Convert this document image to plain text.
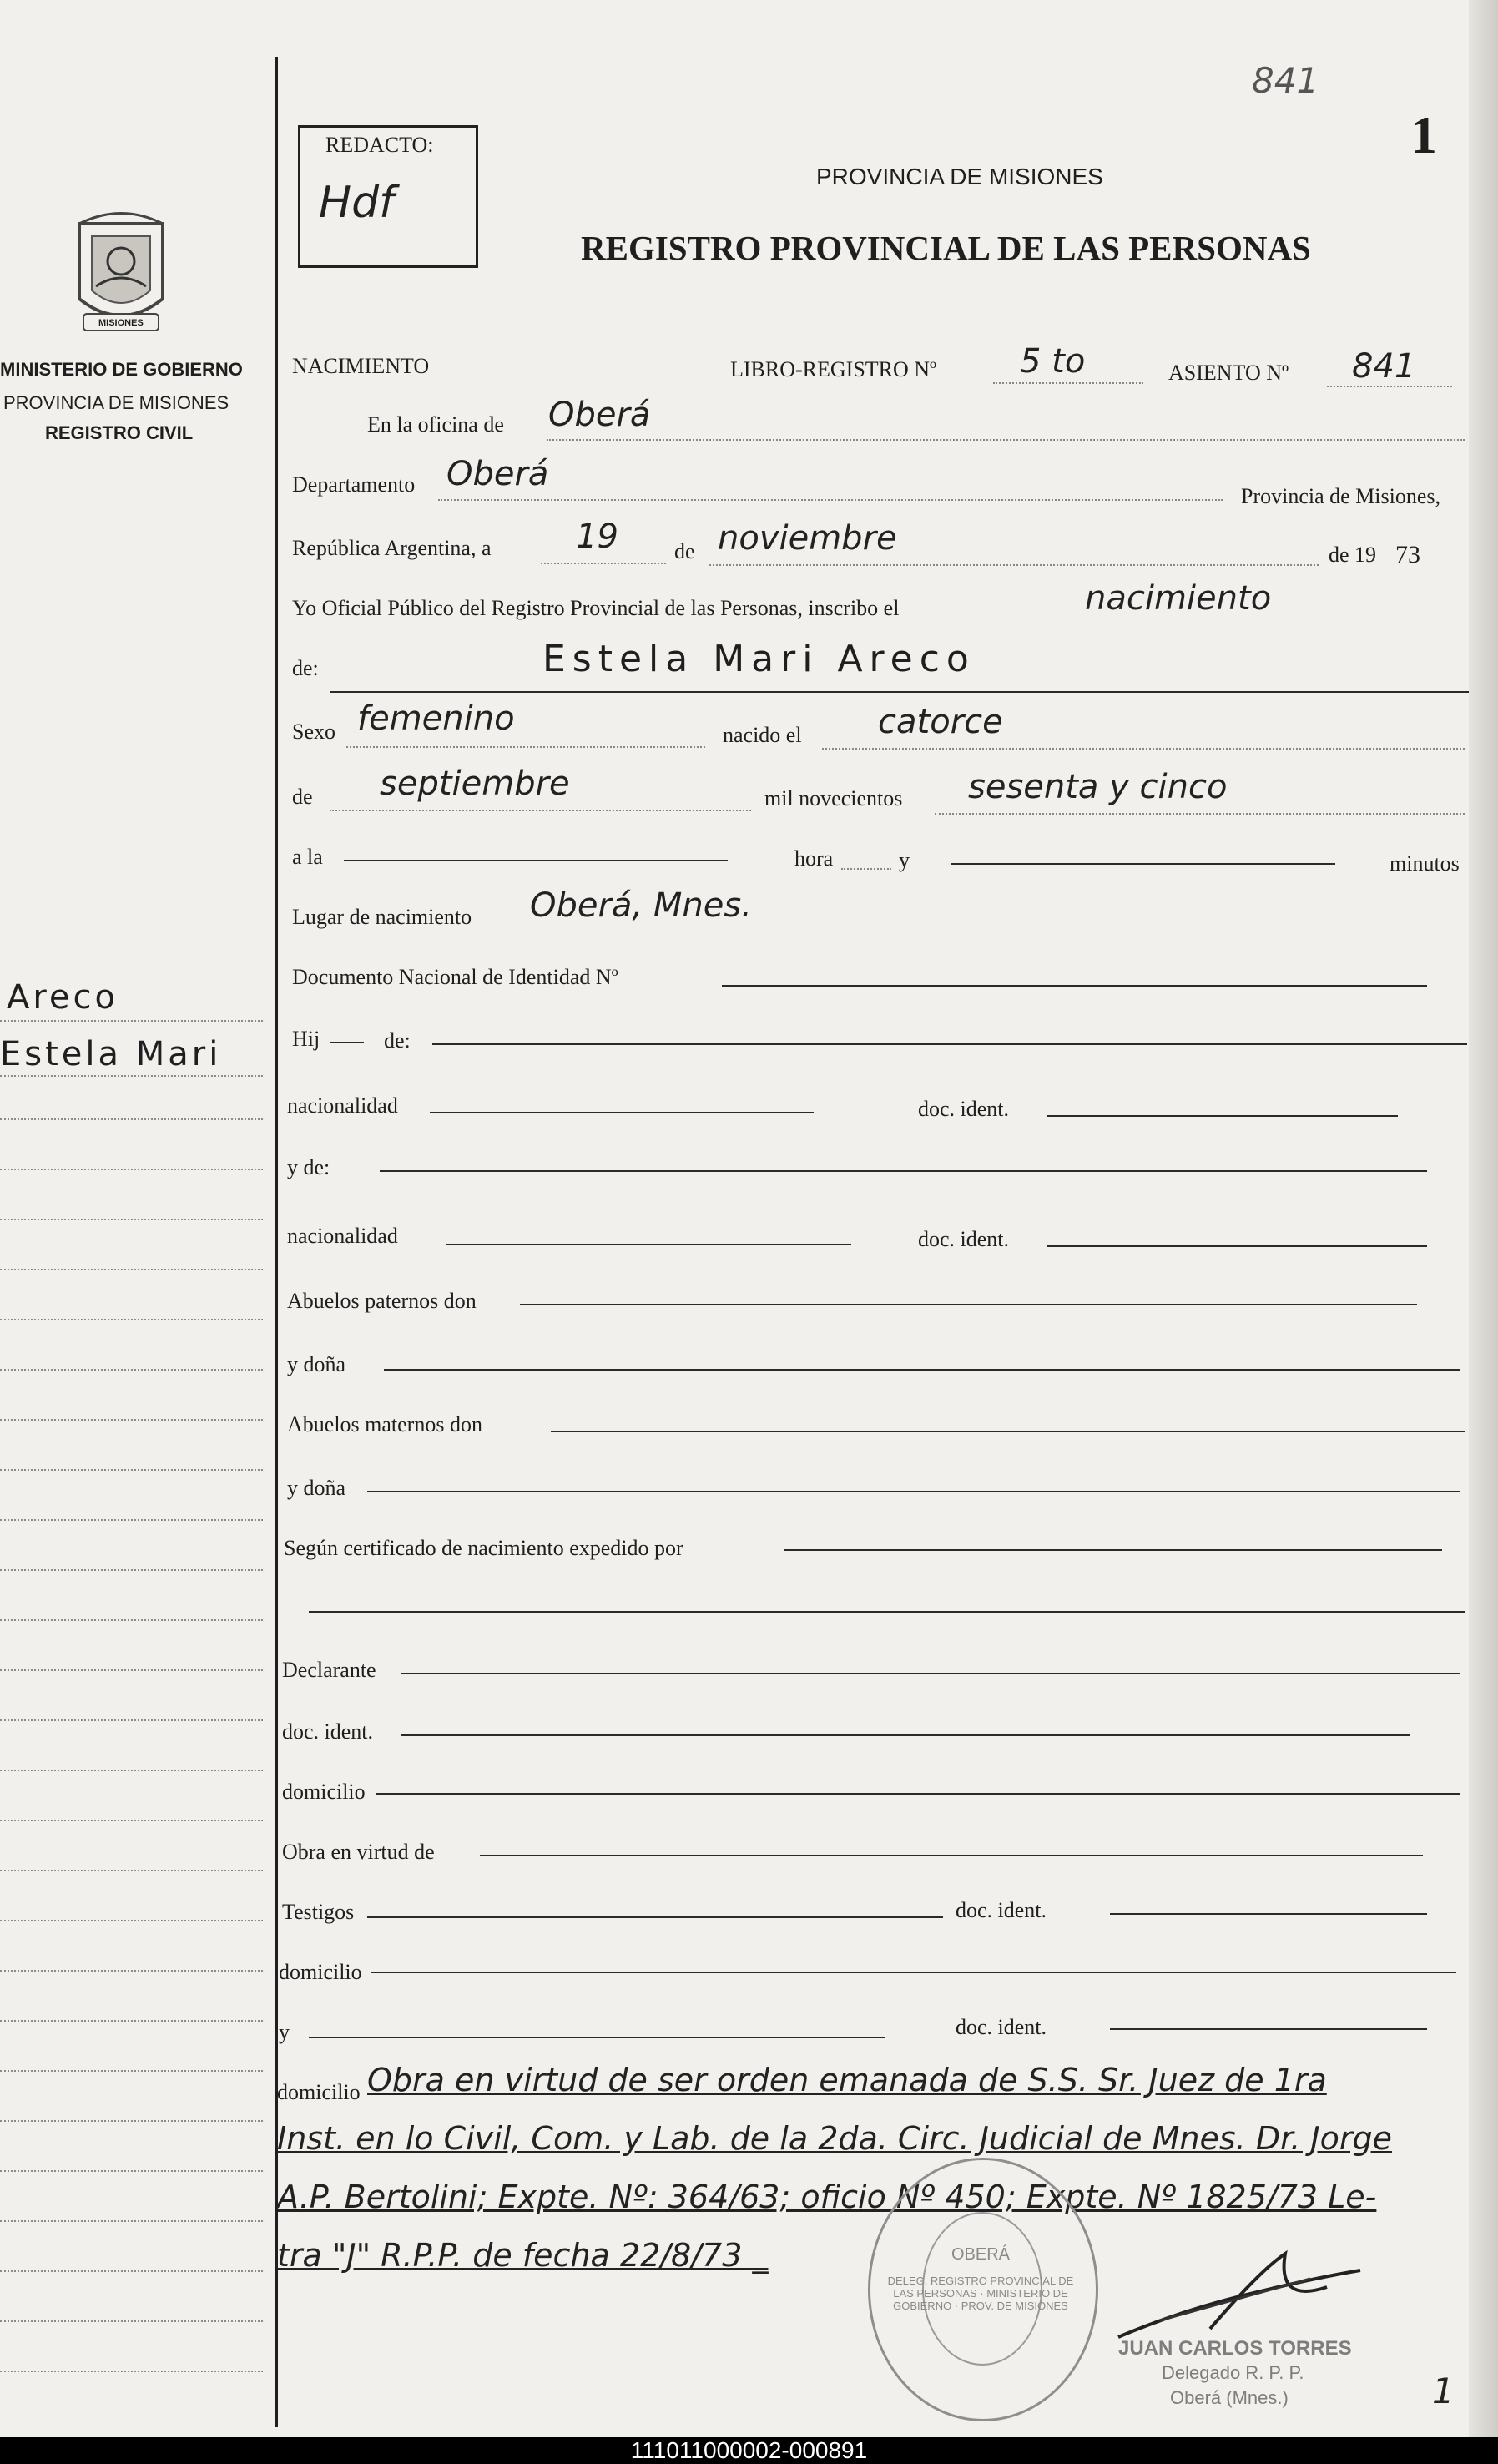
841
1
REDACTO:
Hdf
MISIONES
MINISTERIO DE GOBIERNO
PROVINCIA DE MISIONES
REGISTRO CIVIL
PROVINCIA DE MISIONES
REGISTRO PROVINCIAL DE LAS PERSONAS
NACIMIENTO	LIBRO-REGISTRO Nº 5 to	ASIENTO Nº 841
En la oficina de Oberá
Departamento Oberá
Provincia de Misiones,
República Argentina, a	19	de noviembre	de 19 73
Yo Oficial Público del Registro Provincial de las Personas, inscribo el	nacimiento
de:	Estela Mari Areco
Sexo femenino	nacido el catorce
de septiembre	mil novecientos sesenta y cinco
a la	hora	y	minutos
Lugar de nacimiento Oberá, Mnes.
Documento Nacional de Identidad Nº
Hij	de:
nacionalidad	doc. ident.
y de:
nacionalidad	doc. ident.
Abuelos paternos don
y doña
Abuelos maternos don
y doña
Según certificado de nacimiento expedido por
Declarante
doc. ident.
domicilio
Obra en virtud de
Testigos	doc. ident.
domicilio
y	doc. ident.
domicilio Obra en virtud de ser orden emanada de S.S. Sr. Juez de 1ra
Inst. en lo Civil, Com. y Lab. de la 2da. Circ. Judicial de Mnes. Dr. Jorge
A.P. Bertolini; Expte. Nº: 364/63; oficio Nº 450; Expte. Nº 1825/73 Le-
tra "J" R.P.P. de fecha 22/8/73 _
DELEG. REGISTRO PROVINCIAL DE LAS PERSONAS · MINISTERIO DE GOBIERNO · PROV. DE MISIONES
OBERÁ
JUAN CARLOS TORRES
Delegado R. P. P.
Oberá (Mnes.)	1
Areco
Estela Mari
111011000002-000891
